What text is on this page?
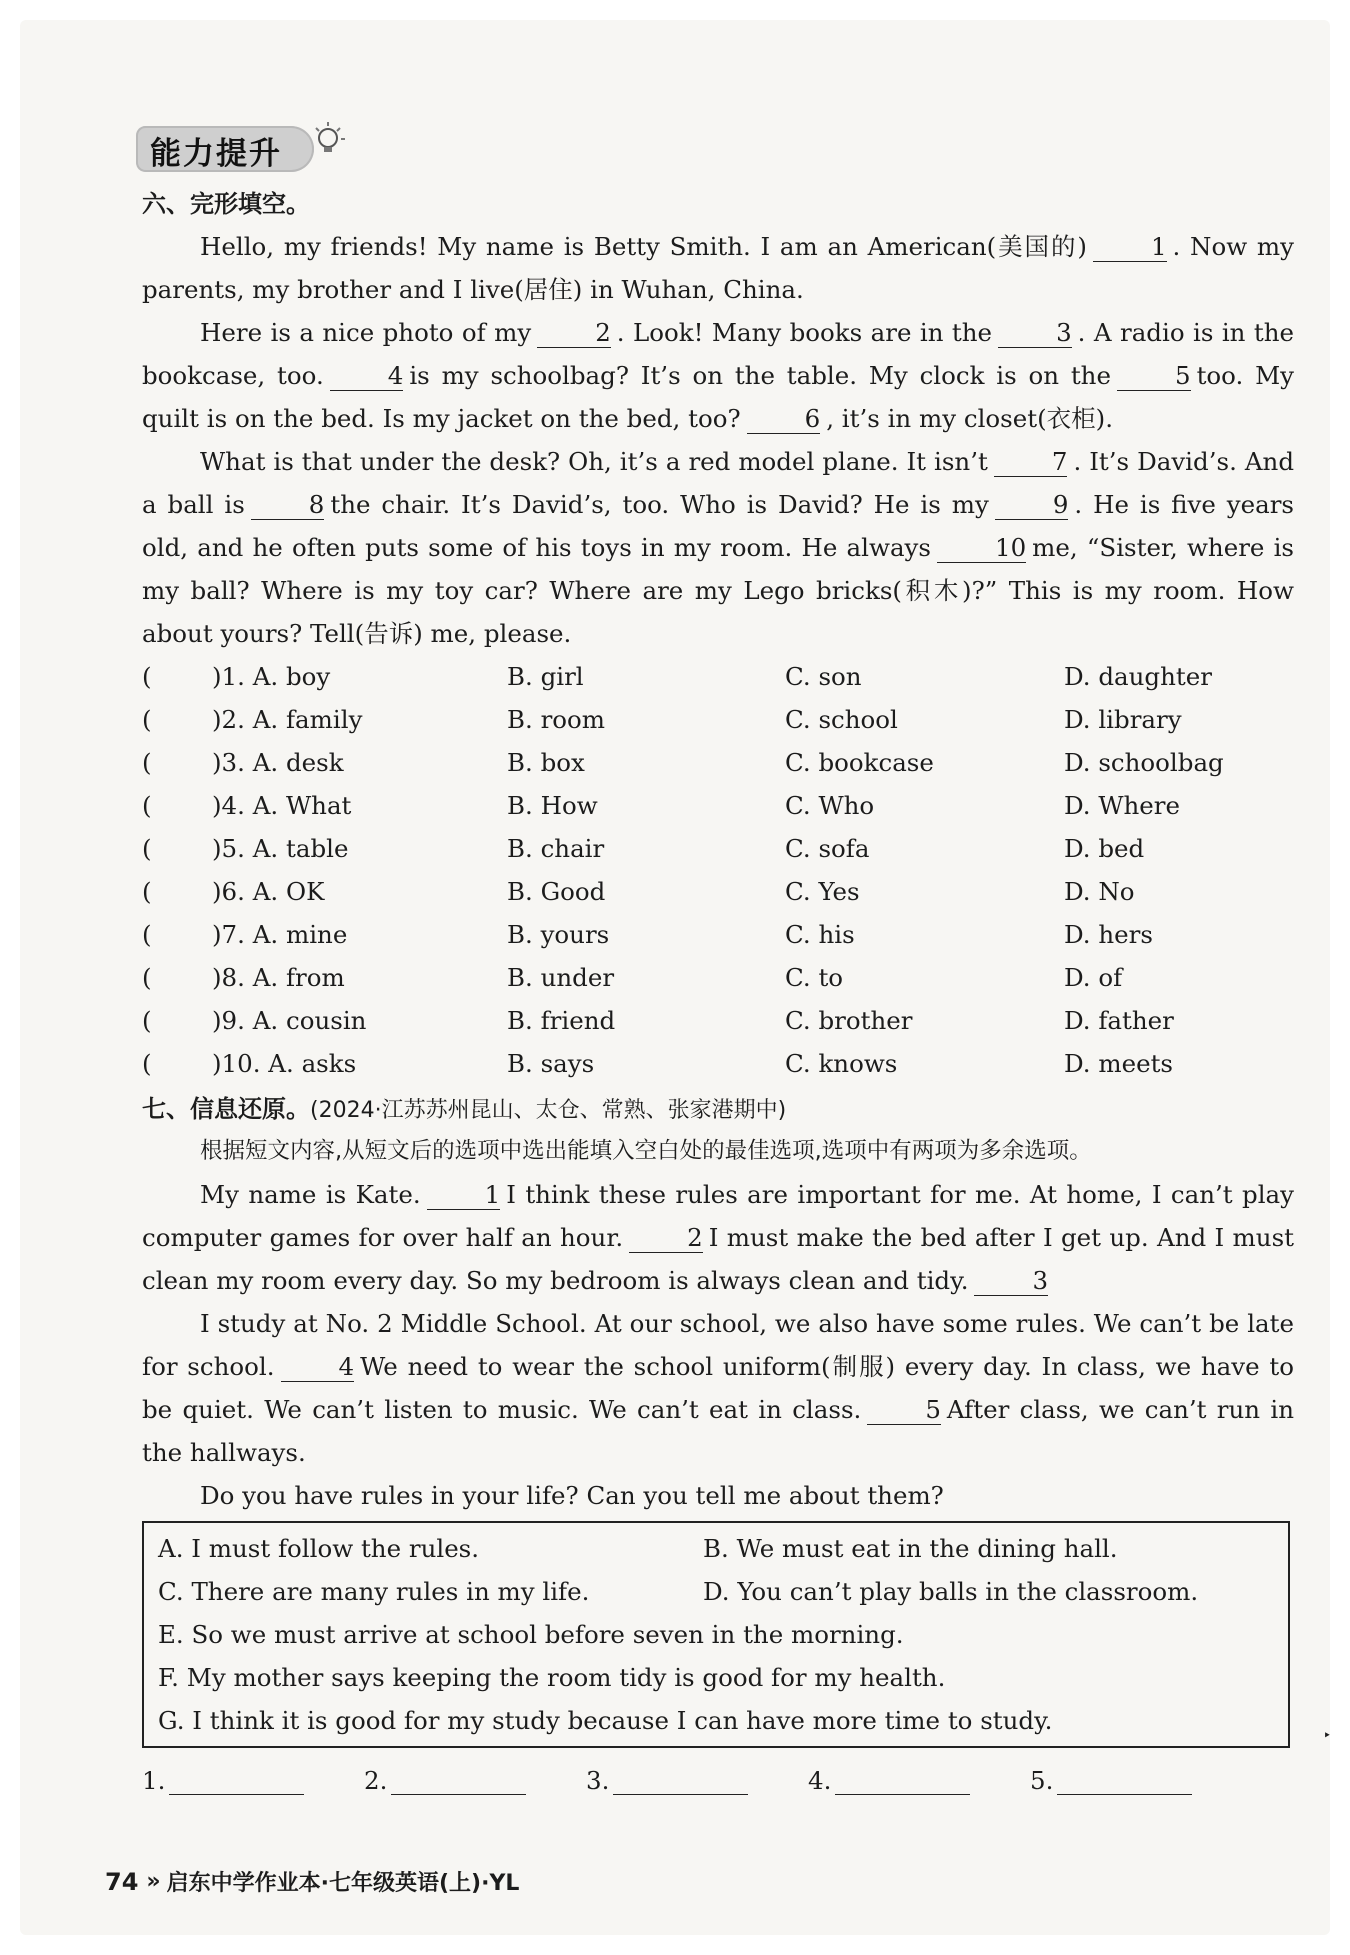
能力提升
六、完形填空。

Hello, my friends! My name is Betty Smith. I am an American(美国的)	1 . Now my parents, my brother and I live(居住) in Wuhan, China.

Here is a nice photo of my	2 . Look! Many books are in the	3 . A radio is in the bookcase, too.	4 is my schoolbag? It’s on the table. My clock is on the	5 too. My quilt is on the bed. Is my jacket on the bed, too?	6 , it’s in my closet(衣柜).

What is that under the desk? Oh, it’s a red model plane. It isn’t	7 . It’s David’s. And a ball is	8 the chair. It’s David’s, too. Who is David? He is my	9 . He is five years old, and he often puts some of his toys in my room. He always	10 me, “Sister, where is my ball? Where is my toy car? Where are my Lego bricks(积木)?” This is my room. How about yours? Tell(告诉) me, please.

(	)1. A. boy	B. girl	C. son	D. daughter
(	)2. A. family	B. room	C. school	D. library
(	)3. A. desk	B. box	C. bookcase	D. schoolbag
(	)4. A. What	B. How	C. Who	D. Where
(	)5. A. table	B. chair	C. sofa	D. bed
(	)6. A. OK	B. Good	C. Yes	D. No
(	)7. A. mine	B. yours	C. his	D. hers
(	)8. A. from	B. under	C. to	D. of
(	)9. A. cousin	B. friend	C. brother	D. father
(	)10. A. asks	B. says	C. knows	D. meets
七、信息还原。(2024·江苏苏州昆山、太仓、常熟、张家港期中)

根据短文内容,从短文后的选项中选出能填入空白处的最佳选项,选项中有两项为多余选项。

My name is Kate.	1 I think these rules are important for me. At home, I can’t play computer games for over half an hour.	2 I must make the bed after I get up. And I must clean my room every day. So my bedroom is always clean and tidy.	3

I study at No. 2 Middle School. At our school, we also have some rules. We can’t be late for school.	4 We need to wear the school uniform(制服) every day. In class, we have to be quiet. We can’t listen to music. We can’t eat in class.	5 After class, we can’t run in the hallways.

Do you have rules in your life? Can you tell me about them?

A. I must follow the rules.	B. We must eat in the dining hall.
C. There are many rules in my life.	D. You can’t play balls in the classroom.
E. So we must arrive at school before seven in the morning.
F. My mother says keeping the room tidy is good for my health.
G. I think it is good for my study because I can have more time to study.
1.	2.	3.	4.	5.
‣
74 » 启东中学作业本·七年级英语(上)·YL
